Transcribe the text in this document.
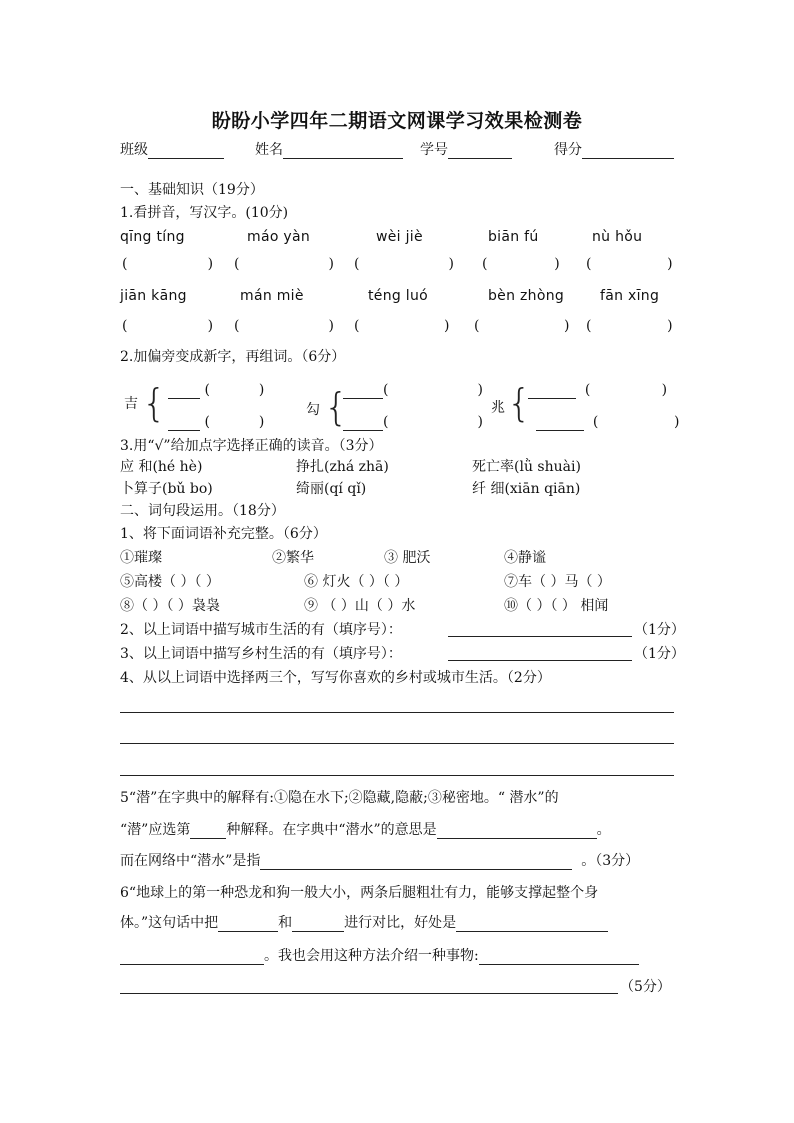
盼盼小学四年二期语文网课学习效果检测卷
班级	姓名	学号	得分
一、基础知识（19分）
1.看拼音，写汉字。(10分)
qīng tíng	máo yàn	wèi jiè	biān fú	nù hǒu
(                  ) (                    ) (                    ) (               ) (                 )
jiān kāng	mán miè	téng luó	bèn zhòng	fān xīng
(                  ) (                    ) (                   ) (                   ) (                 )
2.加偏旁变成新字，再组词。（6分）
吉 {	(           )
(           )
勾 {	(                    )
(                    )
兆 {	(                )
(                 )
3.用“√”给加点字选择正确的读音。（3分）
应 和(hé hè)	挣扎(zhá zhā)	死亡率(lǜ shuài)
卜算子(bǔ bo)	绮丽(qí qǐ)	纤 细(xiān qiān)
二、词句段运用。（18分）
1、将下面词语补充完整。（6分）
①璀璨	②繁华	③ 肥沃	④静谧
⑤高楼（ ）（ ）	⑥ 灯火（ ）（ ）	⑦车（ ）马（ ）
⑧（ ）（ ）袅袅	⑨ （ ）山（ ）水	⑩（ ）（ ） 相闻
2、以上词语中描写城市生活的有（填序号）：	（1分）
3、以上词语中描写乡村生活的有（填序号）：	（1分）
4、从以上词语中选择两三个，写写你喜欢的乡村或城市生活。（2分）
5“潜”在字典中的解释有:①隐在水下;②隐藏,隐蔽;③秘密地。“ 潜水”的
“潜”应选第	种解释。在字典中“潜水”的意思是	。
而在网络中“潜水”是指	。（3分）
6“地球上的第一种恐龙和狗一般大小，两条后腿粗壮有力，能够支撑起整个身
体。”这句话中把	和	进行对比，好处是
。我也会用这种方法介绍一种事物:
（5分）
